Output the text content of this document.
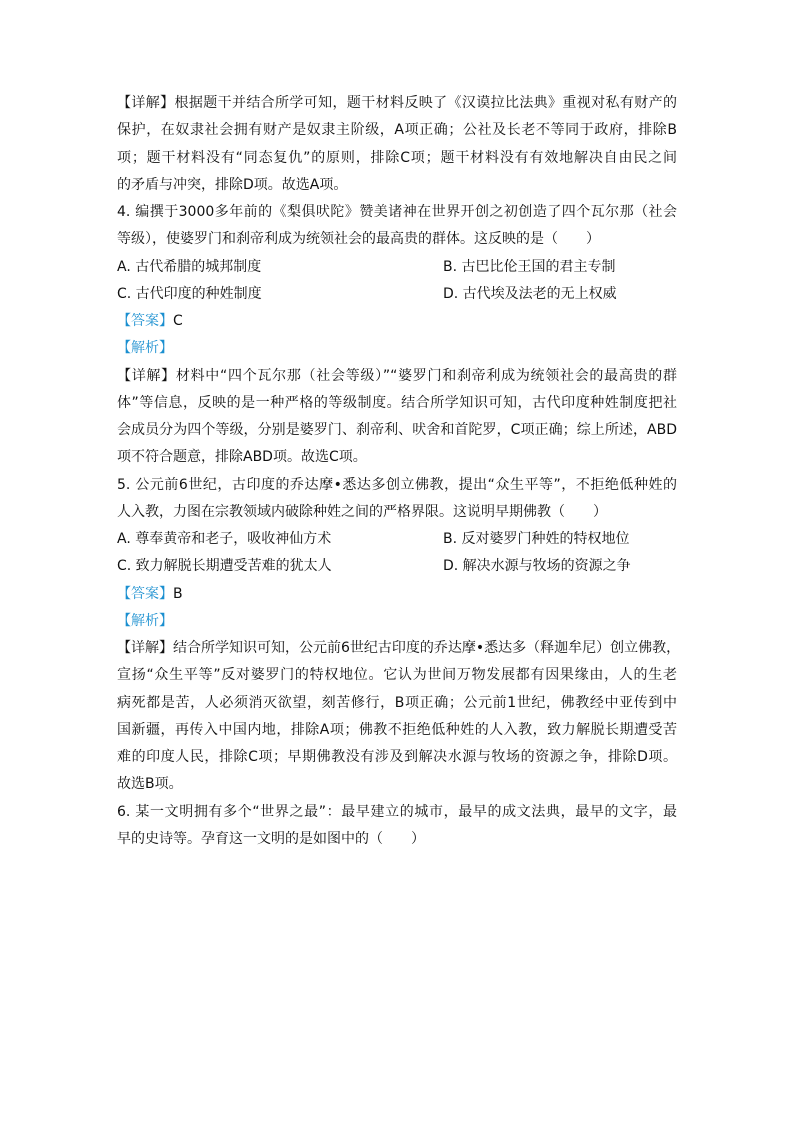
【详解】根据题干并结合所学可知，题干材料反映了《汉谟拉比法典》重视对私有财产的
保护，在奴隶社会拥有财产是奴隶主阶级，A项正确；公社及长老不等同于政府，排除B
项；题干材料没有“同态复仇”的原则，排除C项；题干材料没有有效地解决自由民之间
的矛盾与冲突，排除D项。故选A项。
4. 编撰于3000多年前的《梨俱吠陀》赞美诸神在世界开创之初创造了四个瓦尔那（社会
等级），使婆罗门和刹帝利成为统领社会的最高贵的群体。这反映的是（　　）
A. 古代希腊的城邦制度	B. 古巴比伦王国的君主专制
C. 古代印度的种姓制度	D. 古代埃及法老的无上权威
【答案】C
【解析】
【详解】材料中“四个瓦尔那（社会等级）”“婆罗门和刹帝利成为统领社会的最高贵的群
体”等信息，反映的是一种严格的等级制度。结合所学知识可知，古代印度种姓制度把社
会成员分为四个等级，分别是婆罗门、刹帝利、吠舍和首陀罗，C项正确；综上所述，ABD
项不符合题意，排除ABD项。故选C项。
5. 公元前6世纪，古印度的乔达摩•悉达多创立佛教，提出“众生平等”，不拒绝低种姓的
人入教，力图在宗教领域内破除种姓之间的严格界限。这说明早期佛教（　　）
A. 尊奉黄帝和老子，吸收神仙方术	B. 反对婆罗门种姓的特权地位
C. 致力解脱长期遭受苦难的犹太人	D. 解决水源与牧场的资源之争
【答案】B
【解析】
【详解】结合所学知识可知，公元前6世纪古印度的乔达摩•悉达多（释迦牟尼）创立佛教，
宣扬“众生平等”反对婆罗门的特权地位。它认为世间万物发展都有因果缘由，人的生老
病死都是苦，人必须消灭欲望，刻苦修行，B项正确；公元前1世纪，佛教经中亚传到中
国新疆，再传入中国内地，排除A项；佛教不拒绝低种姓的人入教，致力解脱长期遭受苦
难的印度人民，排除C项；早期佛教没有涉及到解决水源与牧场的资源之争，排除D项。
故选B项。
6. 某一文明拥有多个“世界之最”：最早建立的城市，最早的成文法典，最早的文字，最
早的史诗等。孕育这一文明的是如图中的（　　）
